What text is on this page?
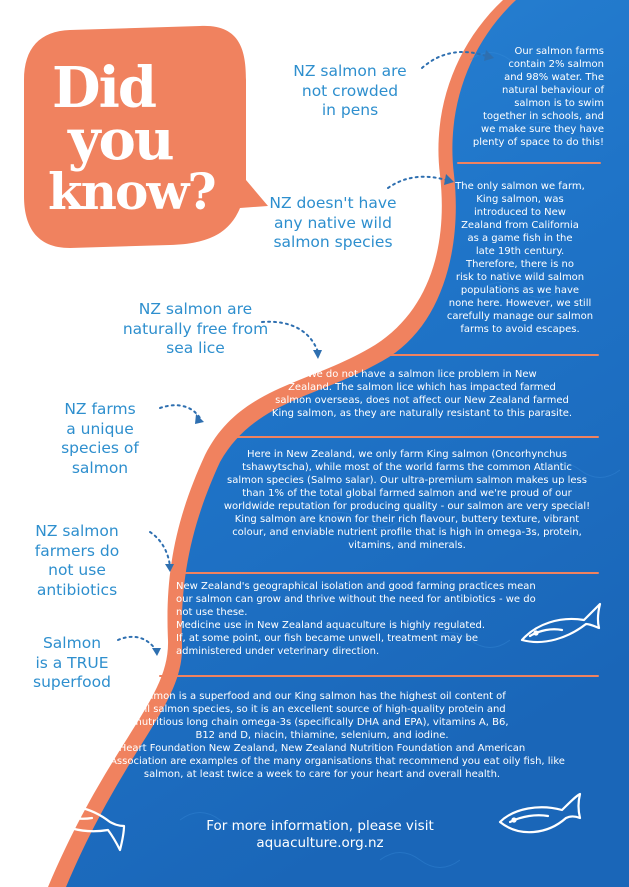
Did
you
know?
NZ salmon are
not crowded
in pens

Our salmon farms

contain 2% salmon

and 98% water. The

natural behaviour of

salmon is to swim

together in schools, and

we make sure they have

plenty of space to do this!

NZ doesn't have
any native wild
salmon species

The only salmon we farm,

King salmon, was

introduced to New

Zealand from California

as a game fish in the

late 19th century.

Therefore, there is no

risk to native wild salmon

populations as we have

none here. However, we still

carefully manage our salmon

farms to avoid escapes.

NZ salmon are
naturally free from
sea lice

We do not have a salmon lice problem in New

Zealand. The salmon lice which has impacted farmed

salmon overseas, does not affect our New Zealand farmed

King salmon, as they are naturally resistant to this parasite.

NZ farms
a unique
species of
salmon

Here in New Zealand, we only farm King salmon (Oncorhynchus

tshawytscha), while most of the world farms the common Atlantic

salmon species (Salmo salar). Our ultra-premium salmon makes up less

than 1% of the total global farmed salmon and we're proud of our

worldwide reputation for producing quality - our salmon are very special!

King salmon are known for their rich flavour, buttery texture, vibrant

colour, and enviable nutrient profile that is high in omega-3s, protein,

vitamins, and minerals.

NZ salmon
farmers do
not use
antibiotics	New Zealand's geographical isolation and good farming practices mean

our salmon can grow and thrive without the need for antibiotics - we do

not use these.

Medicine use in New Zealand aquaculture is highly regulated.

If, at some point, our fish became unwell, treatment may be

administered under veterinary direction.

Salmon
is a TRUE
superfood

Salmon is a superfood and our King salmon has the highest oil content of

all salmon species, so it is an excellent source of high-quality protein and

nutritious long chain omega-3s (specifically DHA and EPA), vitamins A, B6,

B12 and D, niacin, thiamine, selenium, and iodine.

Heart Foundation New Zealand, New Zealand Nutrition Foundation and American

Heart Association are examples of the many organisations that recommend you eat oily fish, like

salmon, at least twice a week to care for your heart and overall health.

For more information, please visit
aquaculture.org.nz
